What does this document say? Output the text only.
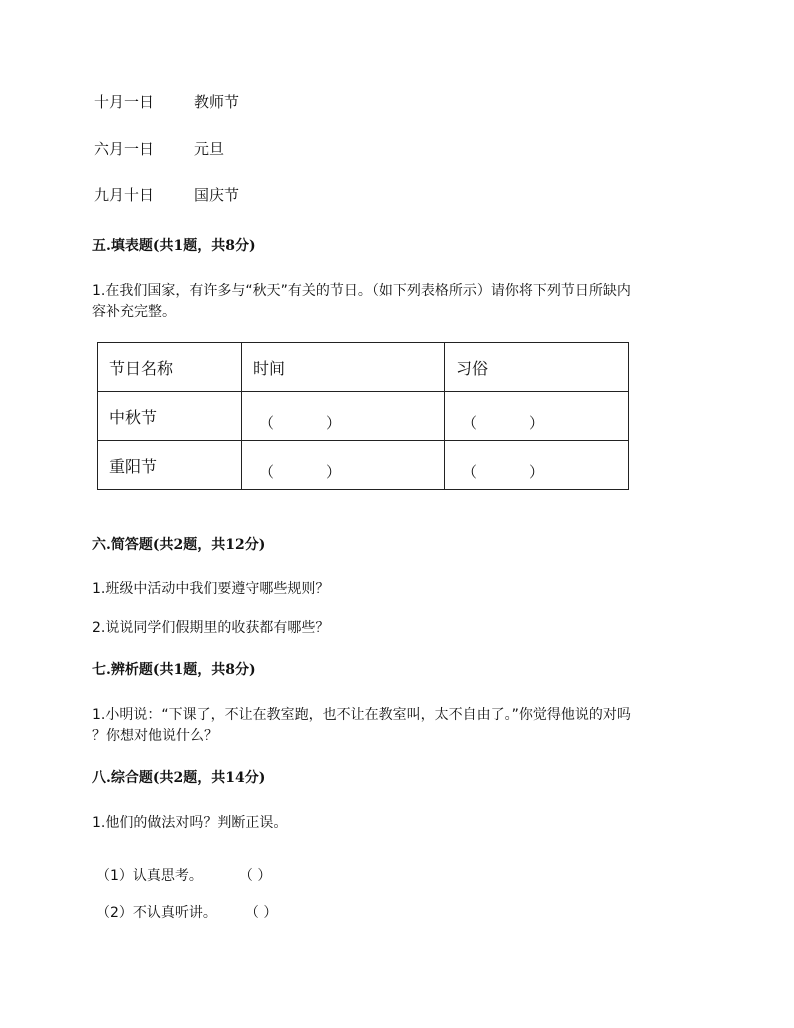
十月一日	教师节
六月一日	元旦
九月十日	国庆节
五.填表题(共1题，共8分)
1.在我们国家，有许多与“秋天”有关的节日。（如下列表格所示）请你将下列节日所缺内
容补充完整。
节日名称	时间	习俗
中秋节	（ ）	（ ）

重阳节	（ ）	（ ）
六.简答题(共2题，共12分)
1.班级中活动中我们要遵守哪些规则？
2.说说同学们假期里的收获都有哪些？
七.辨析题(共1题，共8分)
1.小明说：“下课了，不让在教室跑，也不让在教室叫，太不自由了。”你觉得他说的对吗
？你想对他说什么？
八.综合题(共2题，共14分)
1.他们的做法对吗？判断正误。
（1）认真思考。	（ ）
（2）不认真听讲。 （ ）
